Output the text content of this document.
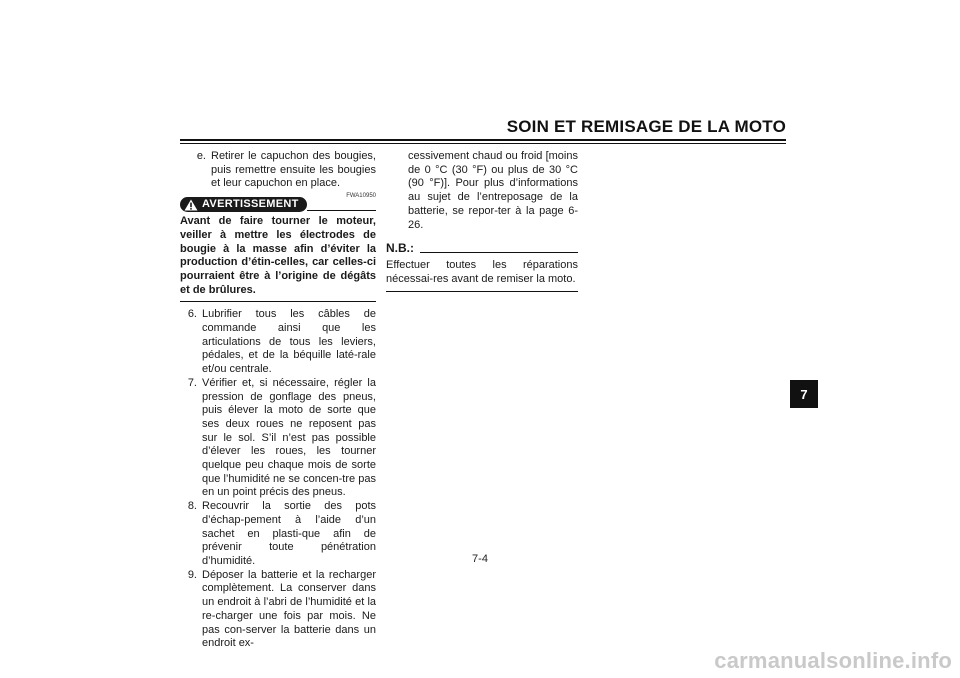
SOIN ET REMISAGE DE LA MOTO
e. Retirer le capuchon des bougies, puis remettre ensuite les bougies et leur capuchon en place.
FWA10950
AVERTISSEMENT
Avant de faire tourner le moteur, veiller à mettre les électrodes de bougie à la masse afin d’éviter la production d’étin-celles, car celles-ci pourraient être à l’origine de dégâts et de brûlures.
6. Lubrifier tous les câbles de commande ainsi que les articulations de tous les leviers, pédales, et de la béquille laté-rale et/ou centrale.
7. Vérifier et, si nécessaire, régler la pression de gonflage des pneus, puis élever la moto de sorte que ses deux roues ne reposent pas sur le sol. S’il n’est pas possible d’élever les roues, les tourner quelque peu chaque mois de sorte que l’humidité ne se concen-tre pas en un point précis des pneus.
8. Recouvrir la sortie des pots d’échap-pement à l’aide d’un sachet en plasti-que afin de prévenir toute pénétration d’humidité.
9. Déposer la batterie et la recharger complètement. La conserver dans un endroit à l’abri de l’humidité et la re-charger une fois par mois. Ne pas con-server la batterie dans un endroit ex-
cessivement chaud ou froid [moins de 0 °C (30 °F) ou plus de 30 °C (90 °F)]. Pour plus d’informations au sujet de l’entreposage de la batterie, se repor-ter à la page 6-26.
N.B.:
Effectuer toutes les réparations nécessai-res avant de remiser la moto.
7-4
7
carmanualsonline.info
